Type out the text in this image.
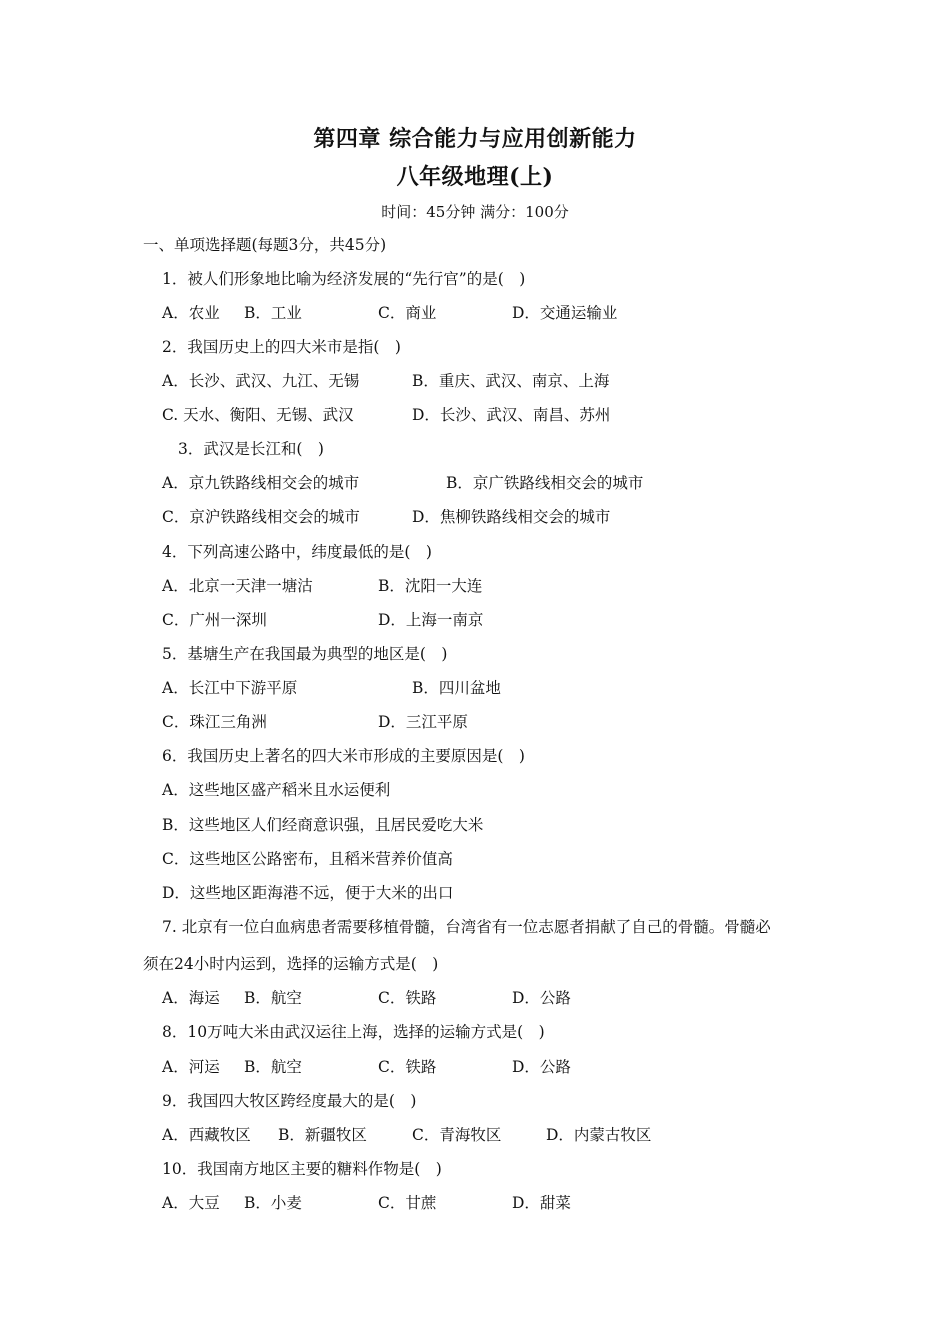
第四章 综合能力与应用创新能力
八年级地理(上)
时间：45分钟 满分：100分
一、单项选择题(每题3分，共45分)
1．被人们形象地比喻为经济发展的“先行官”的是(　)
A．农业 B．工业	C．商业	D．交通运输业
2．我国历史上的四大米市是指(　)
A．长沙、武汉、九江、无锡	B．重庆、武汉、南京、上海
C. 天水、衡阳、无锡、武汉	D．长沙、武汉、南昌、苏州
3．武汉是长江和(　)
A．京九铁路线相交会的城市	B．京广铁路线相交会的城市
C．京沪铁路线相交会的城市	D．焦柳铁路线相交会的城市
4．下列高速公路中，纬度最低的是(　)
A．北京一天津一塘沽	B．沈阳一大连
C．广州一深圳	D．上海一南京
5．基塘生产在我国最为典型的地区是(　)
A．长江中下游平原	B．四川盆地
C．珠江三角洲	D．三江平原
6．我国历史上著名的四大米市形成的主要原因是(　)
A．这些地区盛产稻米且水运便利
B．这些地区人们经商意识强，且居民爱吃大米
C．这些地区公路密布，且稻米营养价值高
D．这些地区距海港不远，便于大米的出口
7. 北京有一位白血病患者需要移植骨髓，台湾省有一位志愿者捐献了自己的骨髓。骨髓必
须在24小时内运到，选择的运输方式是(　)
A．海运 B．航空	C．铁路	D．公路
8．10万吨大米由武汉运往上海，选择的运输方式是(　)
A．河运 B．航空	C．铁路	D．公路
9．我国四大牧区跨经度最大的是(　)
A．西藏牧区 B．新疆牧区	C．青海牧区	D．内蒙古牧区
10．我国南方地区主要的糖料作物是(　)
A．大豆 B．小麦	C．甘蔗	D．甜菜
